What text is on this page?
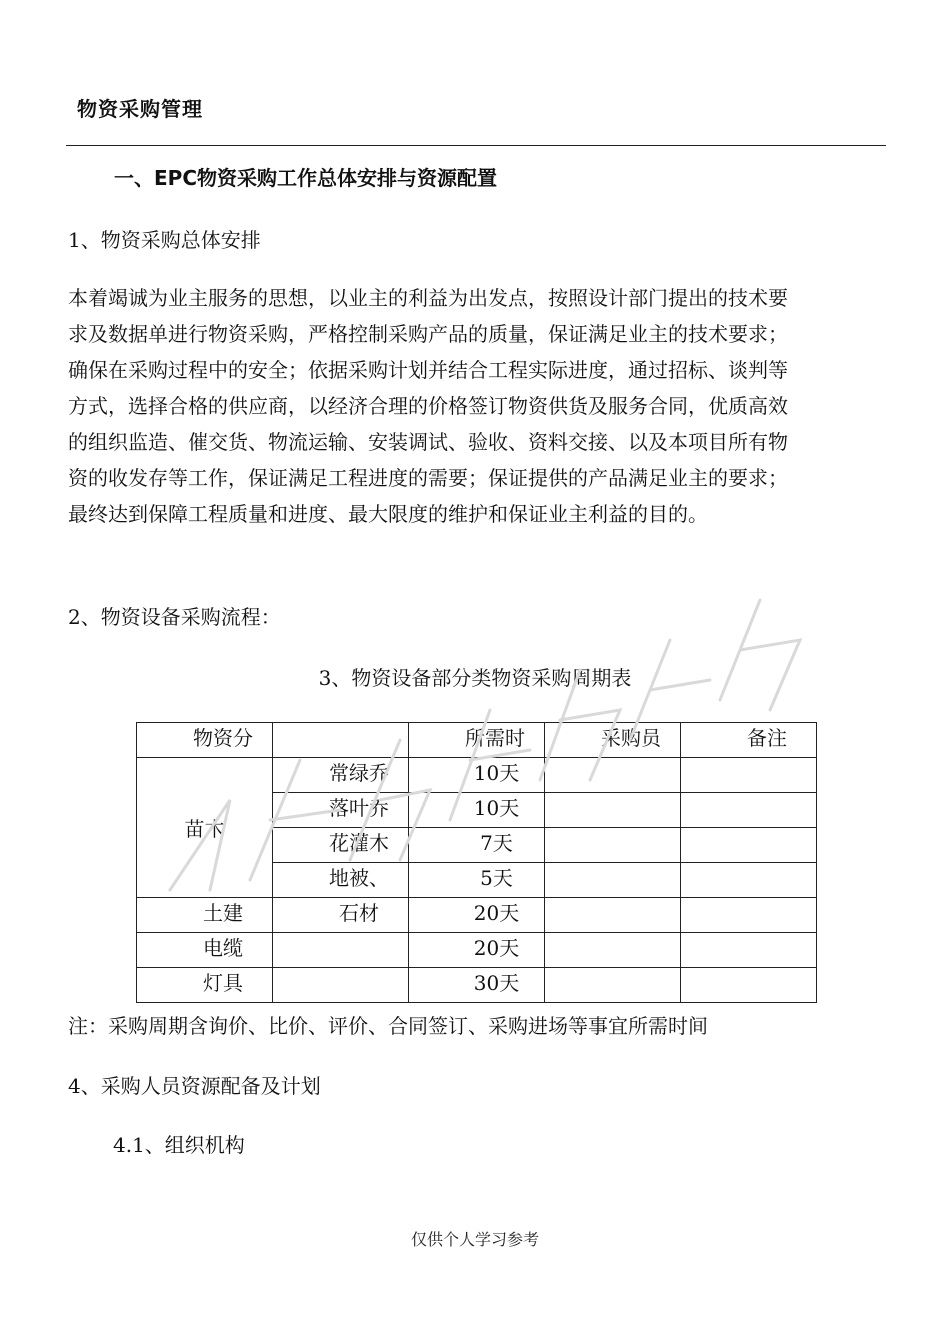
物资采购管理
一、EPC物资采购工作总体安排与资源配置
1、物资采购总体安排
本着竭诚为业主服务的思想，以业主的利益为出发点，按照设计部门提出的技术要
求及数据单进行物资采购，严格控制采购产品的质量，保证满足业主的技术要求；
确保在采购过程中的安全；依据采购计划并结合工程实际进度，通过招标、谈判等
方式，选择合格的供应商，以经济合理的价格签订物资供货及服务合同，优质高效
的组织监造、催交货、物流运输、安装调试、验收、资料交接、以及本项目所有物
资的收发存等工作，保证满足工程进度的需要；保证提供的产品满足业主的要求；
最终达到保障工程质量和进度、最大限度的维护和保证业主利益的目的。
2、物资设备采购流程：
3、物资设备部分类物资采购周期表
物资分		所需时	采购员	备注

苗木	常绿乔	10天		

	落叶乔	10天		

	花灌木	7天		

	地被、	5天		

土建	石材	20天		

电缆		20天		

灯具		30天		

注：采购周期含询价、比价、评价、合同签订、采购进场等事宜所需时间
4、采购人员资源配备及计划
4.1、组织机构
仅供个人学习参考
